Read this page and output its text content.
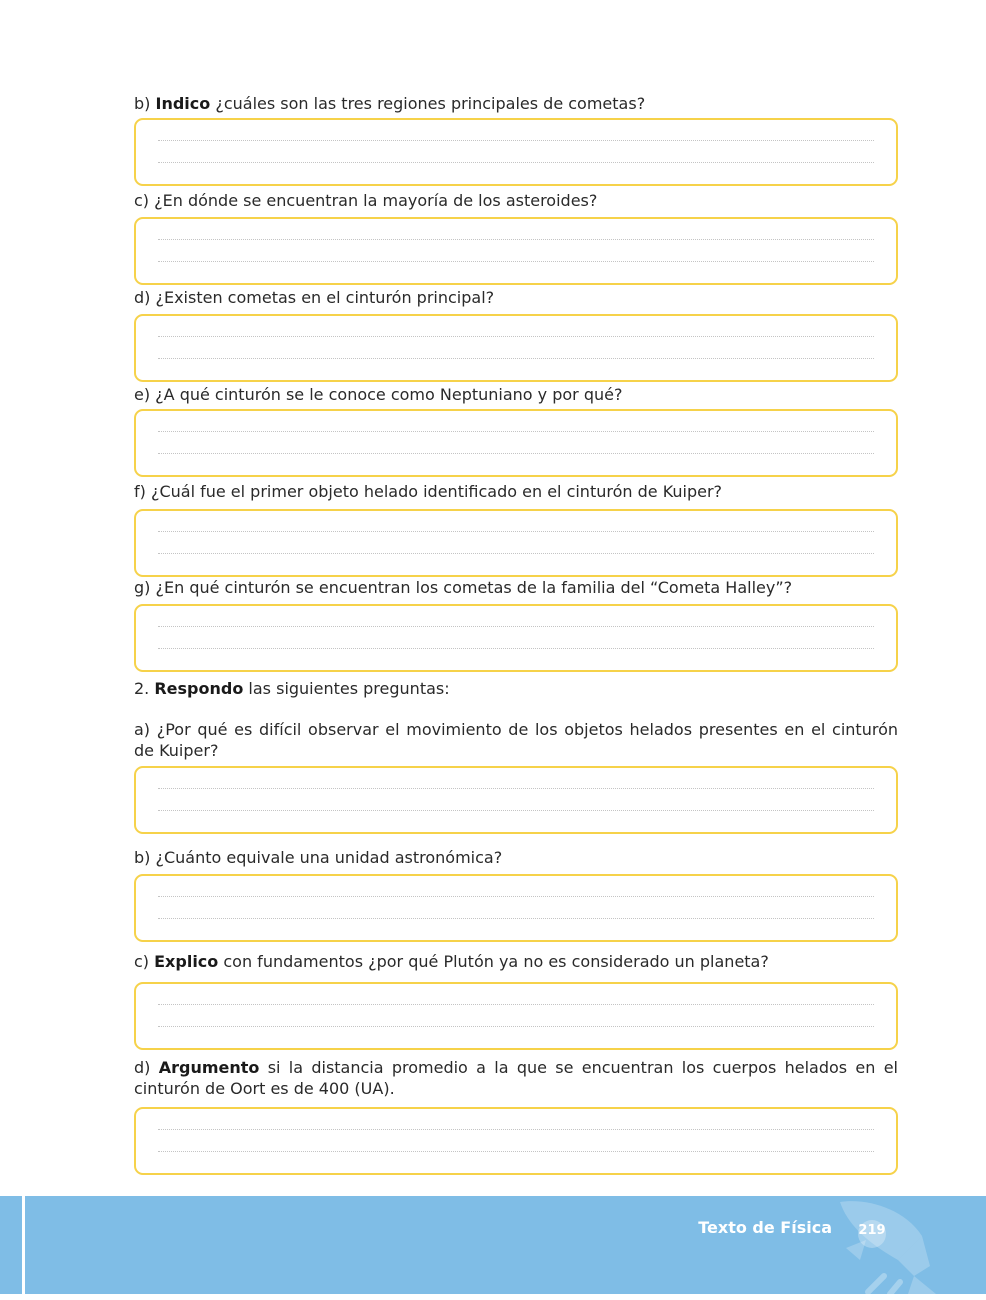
b) Indico ¿cuáles son las tres regiones principales de cometas?

c) ¿En dónde se encuentran la mayoría de los asteroides?

d) ¿Existen cometas en el cinturón principal?

e) ¿A qué cinturón se le conoce como Neptuniano y por qué?

f) ¿Cuál fue el primer objeto helado identificado en el cinturón de Kuiper?

g) ¿En qué cinturón se encuentran los cometas de la familia del “Cometa Halley”?

2. Respondo las siguientes preguntas:

a) ¿Por qué es difícil observar el movimiento de los objetos helados presentes en el cinturón de Kuiper?

b) ¿Cuánto equivale una unidad astronómica?

c) Explico con fundamentos ¿por qué Plutón ya no es considerado un planeta?

d) Argumento si la distancia promedio a la que se encuentran los cuerpos helados en el cinturón de Oort es de 400 (UA).

Texto de Física 219
